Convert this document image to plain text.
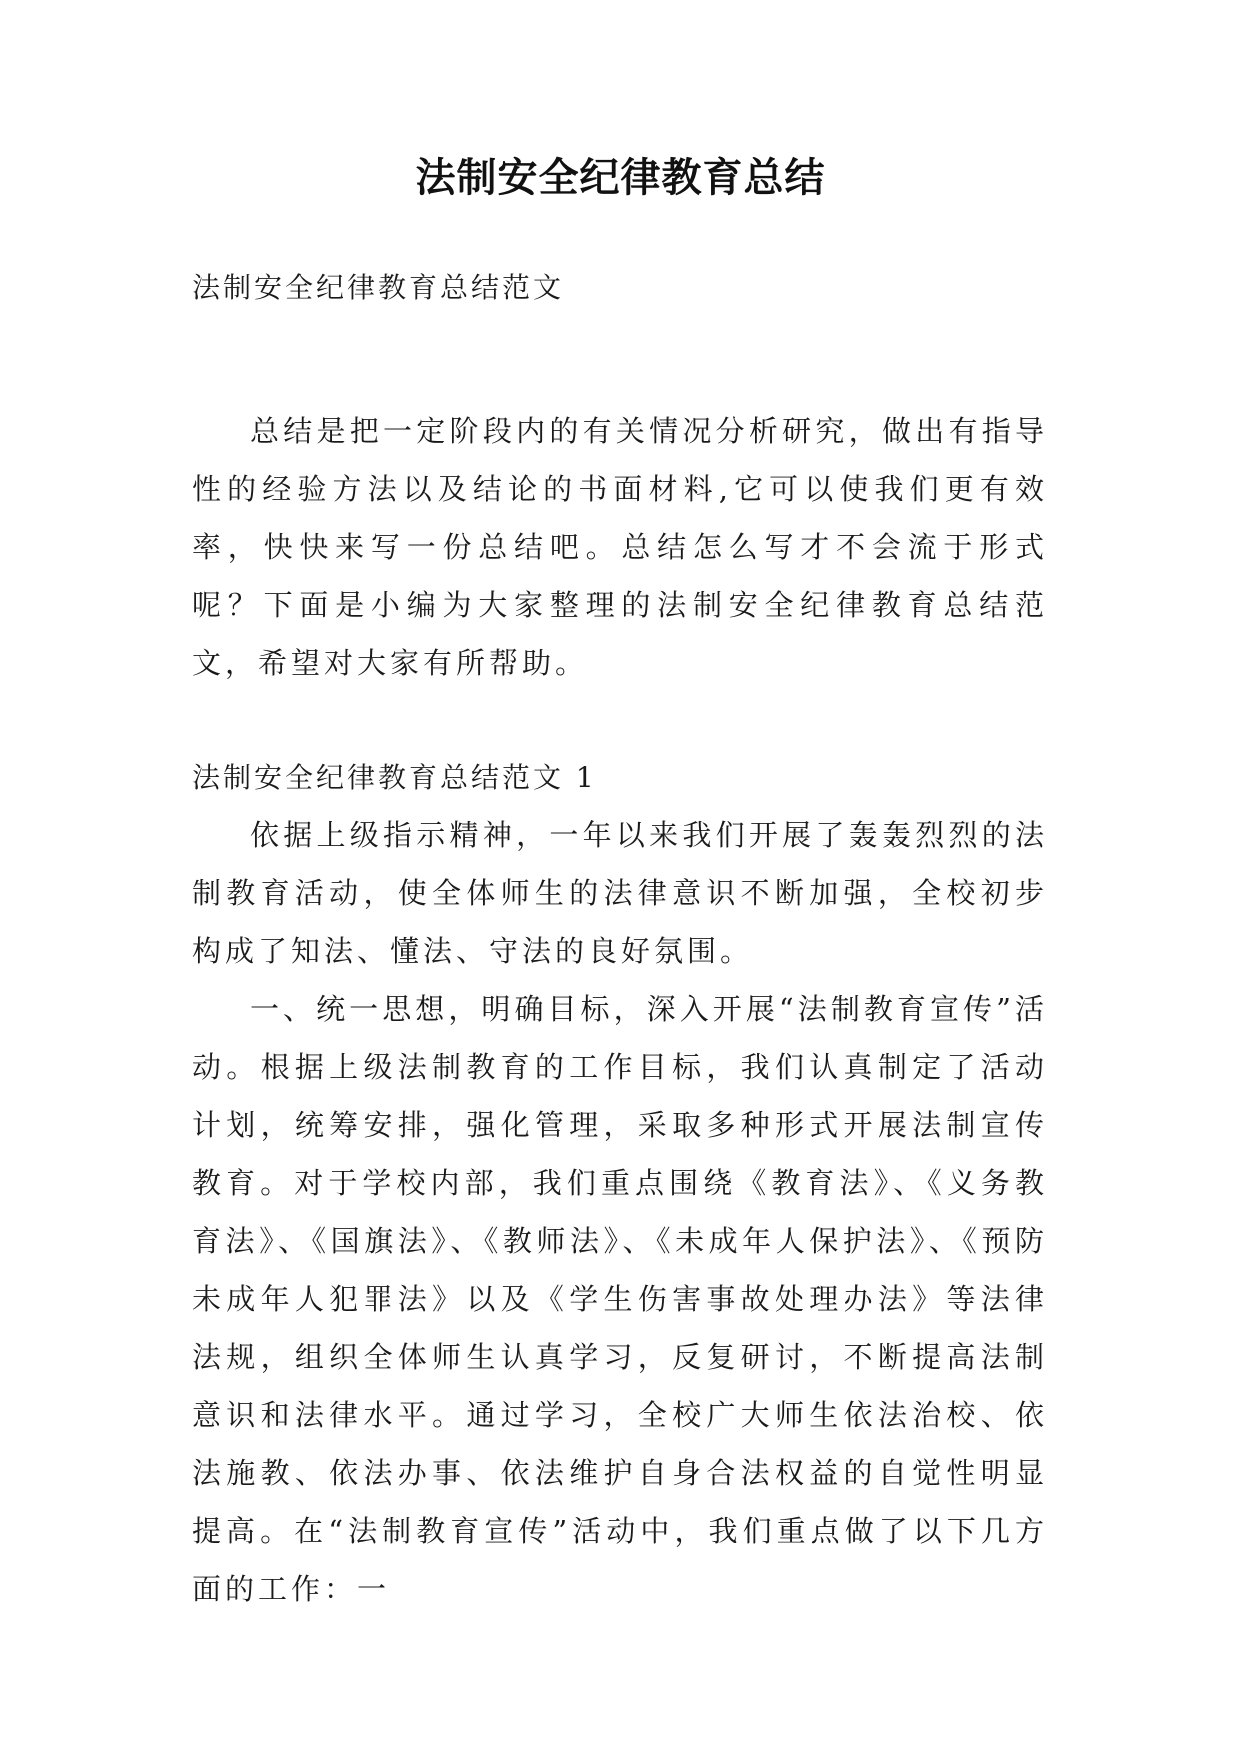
法制安全纪律教育总结
法制安全纪律教育总结范文

总结是把一定阶段内的有关情况分析研究，做出有指导性的经验方法以及结论的书面材料,它可以使我们更有效率，快快来写一份总结吧。总结怎么写才不会流于形式呢？下面是小编为大家整理的法制安全纪律教育总结范文，希望对大家有所帮助。

法制安全纪律教育总结范文 1

依据上级指示精神，一年以来我们开展了轰轰烈烈的法制教育活动，使全体师生的法律意识不断加强，全校初步构成了知法、懂法、守法的良好氛围。

一、统一思想，明确目标，深入开展“法制教育宣传”活动。根据上级法制教育的工作目标，我们认真制定了活动计划，统筹安排，强化管理，采取多种形式开展法制宣传教育。对于学校内部，我们重点围绕《教育法》、《义务教育法》、《国旗法》、《教师法》、《未成年人保护法》、《预防未成年人犯罪法》以及《学生伤害事故处理办法》等法律法规，组织全体师生认真学习，反复研讨，不断提高法制意识和法律水平。通过学习，全校广大师生依法治校、依法施教、依法办事、依法维护自身合法权益的自觉性明显提高。在“法制教育宣传”活动中，我们重点做了以下几方面的工作：一
